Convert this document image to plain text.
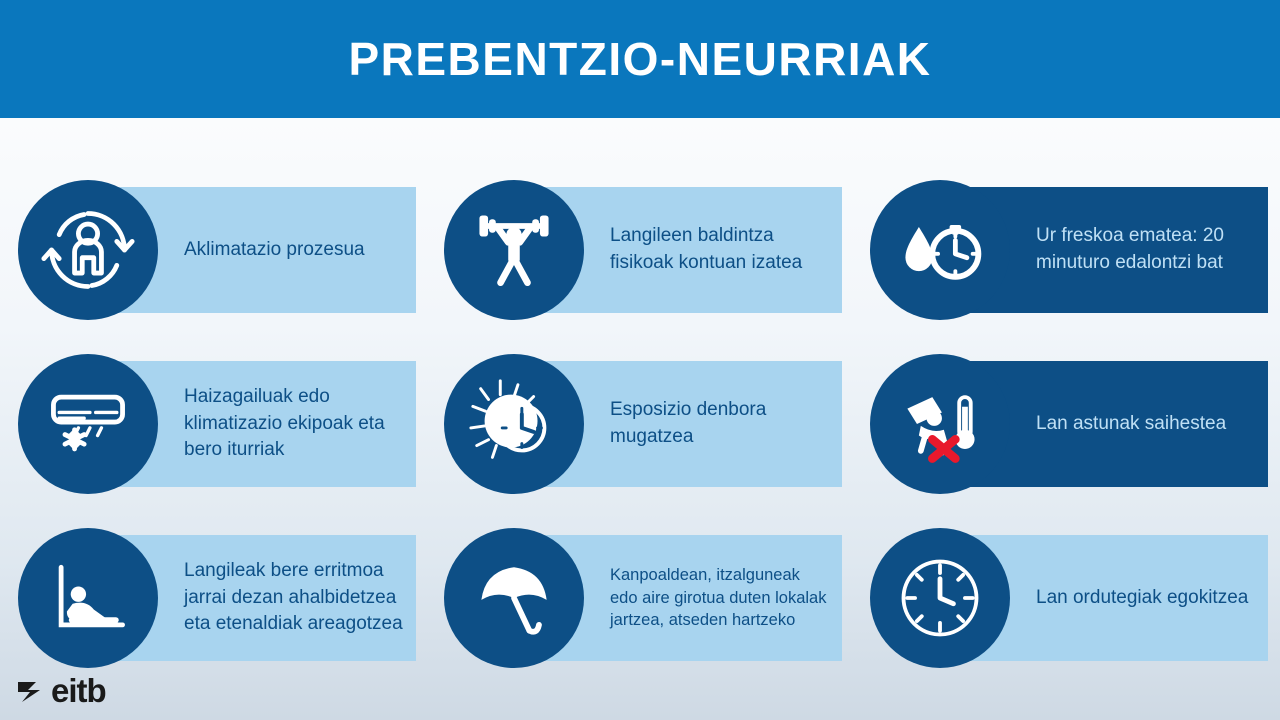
PREBENTZIO-NEURRIAK
Aklimatazio prozesua
Langileen baldintza fisikoak kontuan izatea
Ur freskoa ematea: 20 minuturo edalontzi bat
Haizagailuak edo klimatizazio ekipoak eta bero iturriak
Esposizio denbora mugatzea
Lan astunak saihestea
Langileak bere erritmoa jarrai dezan ahalbidetzea eta etenaldiak areagotzea
Kanpoaldean, itzalguneak edo aire girotua duten lokalak jartzea, atseden hartzeko
Lan ordutegiak egokitzea
eitb
